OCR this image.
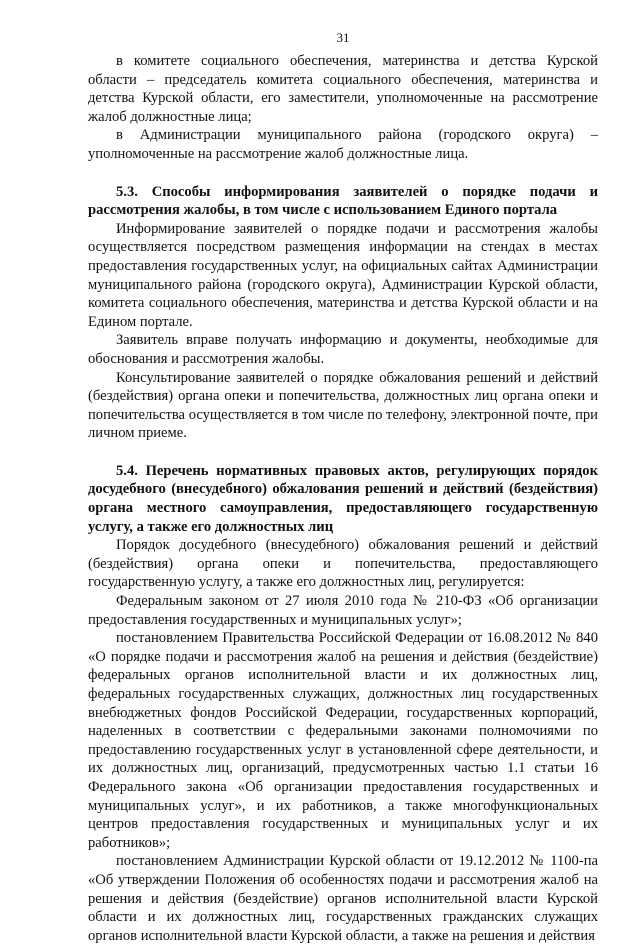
31

в комитете социального обеспечения, материнства и детства Курской области – председатель комитета социального обеспечения, материнства и детства Курской области, его заместители, уполномоченные на рассмотрение жалоб должностные лица;

в Администрации муниципального района (городского округа) – уполномоченные на рассмотрение жалоб должностные лица.

5.3. Способы информирования заявителей о порядке подачи и рассмотрения жалобы, в том числе с использованием Единого портала

Информирование заявителей о порядке подачи и рассмотрения жалобы осуществляется посредством размещения информации на стендах в местах предоставления государственных услуг, на официальных сайтах Администрации муниципального района (городского округа), Администрации Курской области, комитета социального обеспечения, материнства и детства Курской области и на Едином портале.

Заявитель вправе получать информацию и документы, необходимые для обоснования и рассмотрения жалобы.

Консультирование заявителей о порядке обжалования решений и действий (бездействия) органа опеки и попечительства, должностных лиц органа опеки и попечительства осуществляется в том числе по телефону, электронной почте, при личном приеме.

5.4. Перечень нормативных правовых актов, регулирующих порядок досудебного (внесудебного) обжалования решений и действий (бездействия) органа местного самоуправления, предоставляющего государственную услугу, а также его должностных лиц

Порядок досудебного (внесудебного) обжалования решений и действий (бездействия) органа опеки и попечительства, предоставляющего государственную услугу, а также его должностных лиц, регулируется:

Федеральным законом от 27 июля 2010 года № 210-ФЗ «Об организации предоставления государственных и муниципальных услуг»;

постановлением Правительства Российской Федерации от 16.08.2012 № 840 «О порядке подачи и рассмотрения жалоб на решения и действия (бездействие) федеральных органов исполнительной власти и их должностных лиц, федеральных государственных служащих, должностных лиц государственных внебюджетных фондов Российской Федерации, государственных корпораций, наделенных в соответствии с федеральными законами полномочиями по предоставлению государственных услуг в установленной сфере деятельности, и их должностных лиц, организаций, предусмотренных частью 1.1 статьи 16 Федерального закона «Об организации предоставления государственных и муниципальных услуг», и их работников, а также многофункциональных центров предоставления государственных и муниципальных услуг и их работников»;

постановлением Администрации Курской области от 19.12.2012 № 1100-па «Об утверждении Положения об особенностях подачи и рассмотрения жалоб на решения и действия (бездействие) органов исполнительной власти Курской области и их должностных лиц, государственных гражданских служащих органов исполнительной власти Курской области, а также на решения и действия
